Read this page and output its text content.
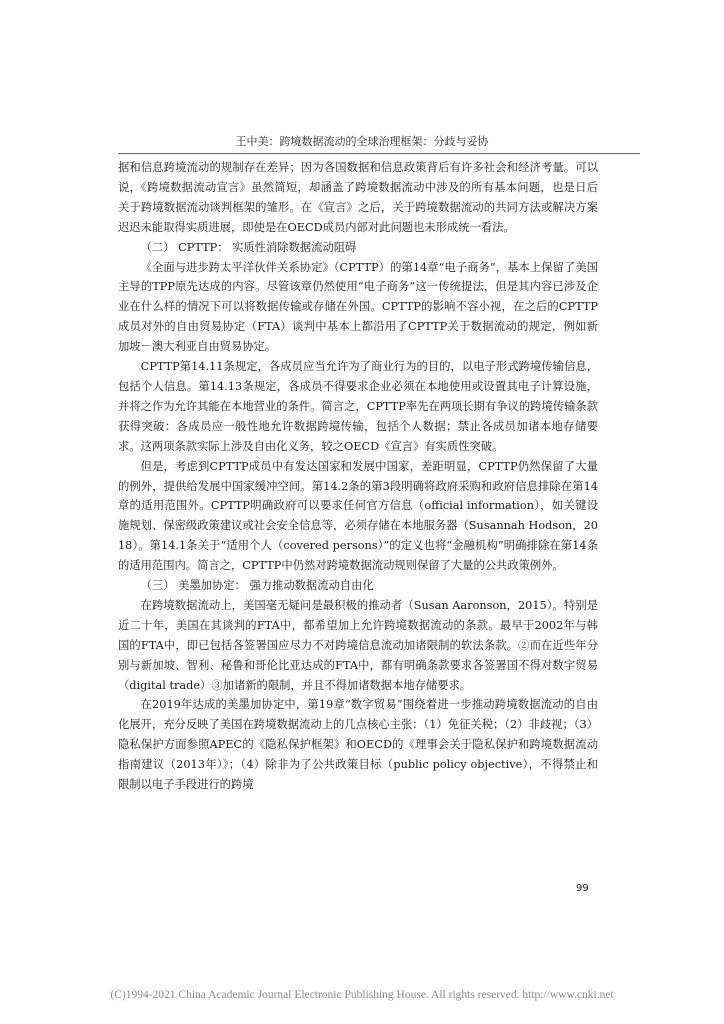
王中美：跨境数据流动的全球治理框架：分歧与妥协

据和信息跨境流动的规制存在差异；因为各国数据和信息政策背后有许多社会和经济考量。可以说，《跨境数据流动宣言》虽然简短，却涵盖了跨境数据流动中涉及的所有基本问题，也是日后关于跨境数据流动谈判框架的雏形。在《宣言》之后，关于跨境数据流动的共同方法或解决方案迟迟未能取得实质进展，即使是在OECD成员内部对此问题也未形成统一看法。

（二） CPTTP： 实质性消除数据流动阻碍

《全面与进步跨太平洋伙伴关系协定》（CPTTP）的第14章“电子商务”，基本上保留了美国主导的TPP原先达成的内容。尽管该章仍然使用“电子商务”这一传统提法，但是其内容已涉及企业在什么样的情况下可以将数据传输或存储在外国。CPTTP的影响不容小视，在之后的CPTTP成员对外的自由贸易协定（FTA）谈判中基本上都沿用了CPTTP关于数据流动的规定，例如新加坡－澳大利亚自由贸易协定。

CPTTP第14.11条规定，各成员应当允许为了商业行为的目的，以电子形式跨境传输信息，包括个人信息。第14.13条规定，各成员不得要求企业必须在本地使用或设置其电子计算设施，并将之作为允许其能在本地营业的条件。简言之，CPTTP率先在两项长期有争议的跨境传输条款获得突破：各成员应一般性地允许数据跨境传输，包括个人数据；禁止各成员加诸本地存储要求。这两项条款实际上涉及自由化义务，较之OECD《宣言》有实质性突破。

但是，考虑到CPTTP成员中有发达国家和发展中国家，差距明显，CPTTP仍然保留了大量的例外，提供给发展中国家缓冲空间。第14.2条的第3段明确将政府采购和政府信息排除在第14章的适用范围外。CPTTP明确政府可以要求任何官方信息（official information），如关键设施规划、保密级政策建议或社会安全信息等，必须存储在本地服务器（Susannah Hodson，2018）。第14.1条关于“适用个人（covered persons）”的定义也将“金融机构”明确排除在第14条的适用范围内。简言之，CPTTP中仍然对跨境数据流动规则保留了大量的公共政策例外。

（三） 美墨加协定： 强力推动数据流动自由化

在跨境数据流动上，美国毫无疑问是最积极的推动者（Susan Aaronson，2015）。特别是近二十年，美国在其谈判的FTA中，都希望加上允许跨境数据流动的条款。最早于2002年与韩国的FTA中，即已包括各签署国应尽力不对跨境信息流动加诸限制的软法条款。②而在近些年分别与新加坡、智利、秘鲁和哥伦比亚达成的FTA中，都有明确条款要求各签署国不得对数字贸易（digital trade）③加诸新的限制，并且不得加诸数据本地存储要求。

在2019年达成的美墨加协定中，第19章“数字贸易”围绕着进一步推动跨境数据流动的自由化展开，充分反映了美国在跨境数据流动上的几点核心主张：（1）免征关税；（2）非歧视；（3）隐私保护方面参照APEC的《隐私保护框架》和OECD的《理事会关于隐私保护和跨境数据流动指南建议（2013年）》；（4）除非为了公共政策目标（public policy objective），不得禁止和限制以电子手段进行的跨境

99
(C)1994-2021 China Academic Journal Electronic Publishing House. All rights reserved. http://www.cnki.net
